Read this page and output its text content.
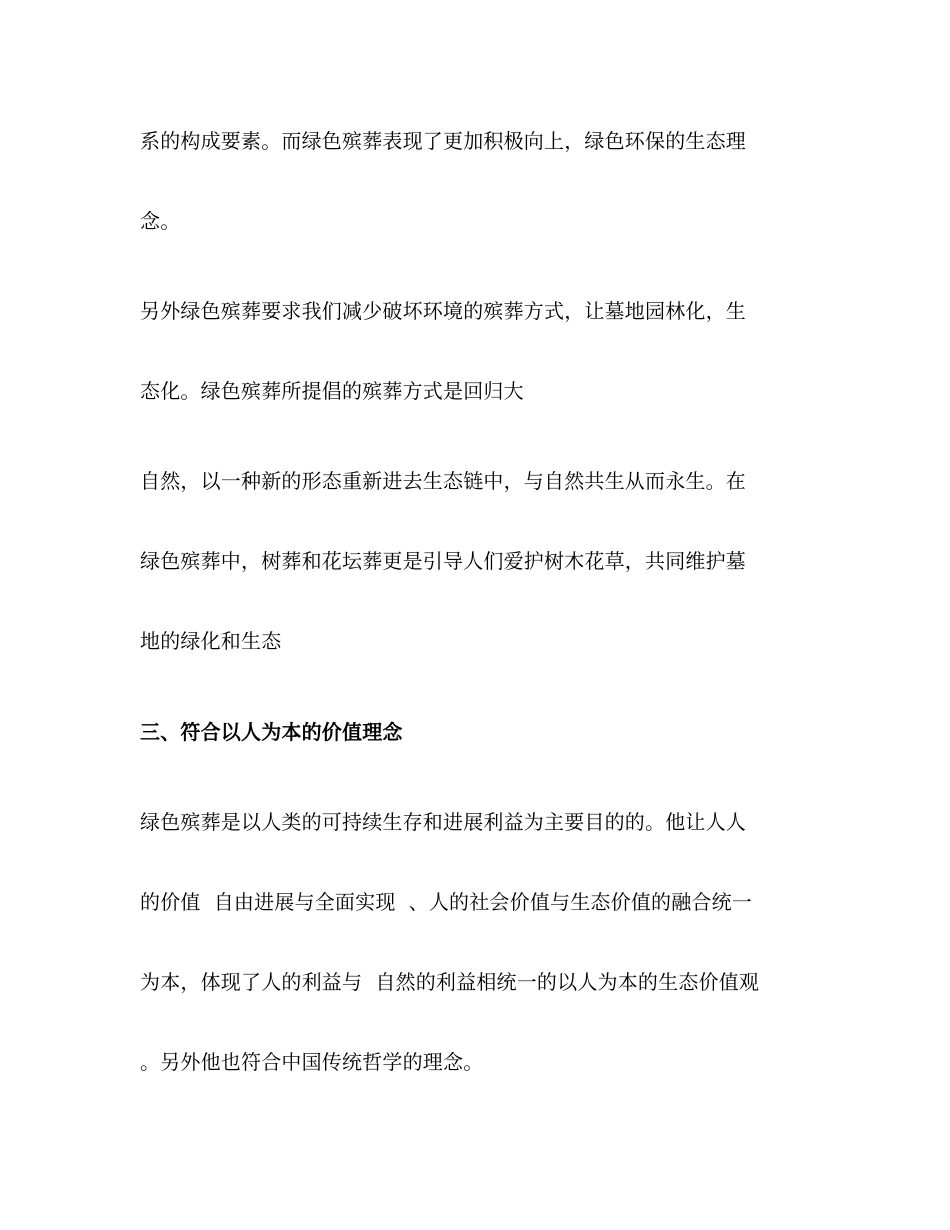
系的构成要素。而绿色殡葬表现了更加积极向上，绿色环保的生态理
念。
另外绿色殡葬要求我们减少破坏环境的殡葬方式，让墓地园林化，生
态化。绿色殡葬所提倡的殡葬方式是回归大
自然，以一种新的形态重新进去生态链中，与自然共生从而永生。在
绿色殡葬中，树葬和花坛葬更是引导人们爱护树木花草，共同维护墓
地的绿化和生态
三、符合以人为本的价值理念
绿色殡葬是以人类的可持续生存和进展利益为主要目的的。他让人人
的价值  自由进展与全面实现  、人的社会价值与生态价值的融合统一
为本，体现了人的利益与  自然的利益相统一的以人为本的生态价值观
。另外他也符合中国传统哲学的理念。
